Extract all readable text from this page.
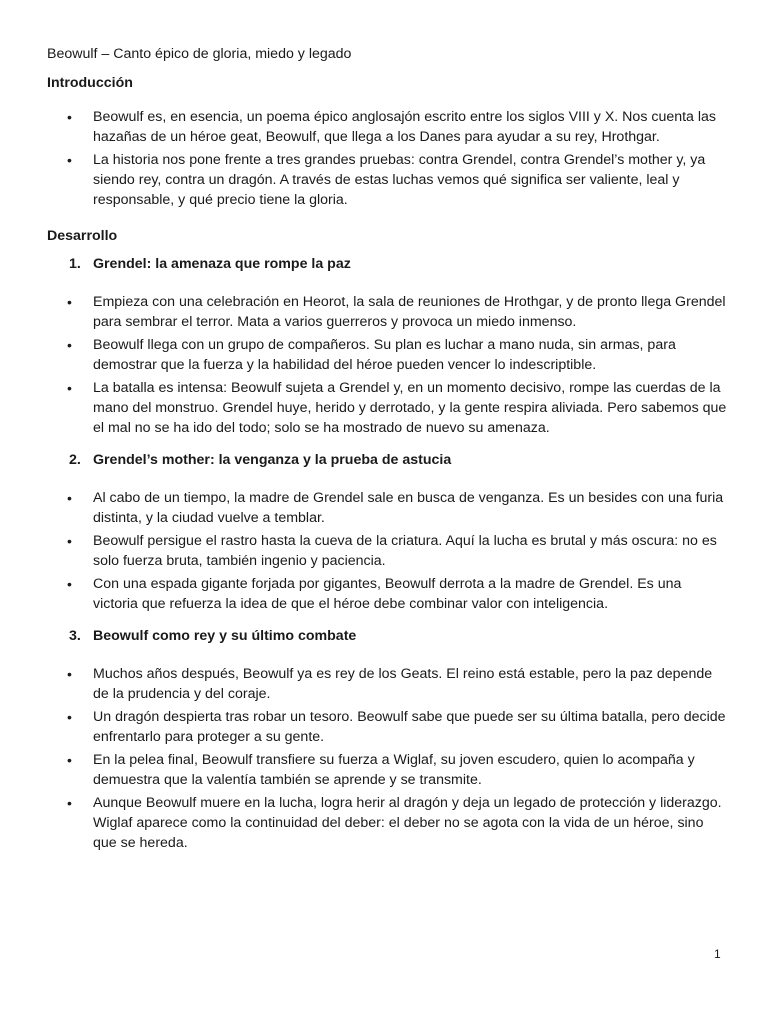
Beowulf – Canto épico de gloria, miedo y legado
Introducción
• Beowulf es, en esencia, un poema épico anglosajón escrito entre los siglos VIII y X. Nos cuenta las hazañas de un héroe geat, Beowulf, que llega a los Danes para ayudar a su rey, Hrothgar.
• La historia nos pone frente a tres grandes pruebas: contra Grendel, contra Grendel’s mother y, ya siendo rey, contra un dragón. A través de estas luchas vemos qué significa ser valiente, leal y responsable, y qué precio tiene la gloria.
Desarrollo
1. Grendel: la amenaza que rompe la paz
• Empieza con una celebración en Heorot, la sala de reuniones de Hrothgar, y de pronto llega Grendel para sembrar el terror. Mata a varios guerreros y provoca un miedo inmenso.
• Beowulf llega con un grupo de compañeros. Su plan es luchar a mano nuda, sin armas, para demostrar que la fuerza y la habilidad del héroe pueden vencer lo indescriptible.
• La batalla es intensa: Beowulf sujeta a Grendel y, en un momento decisivo, rompe las cuerdas de la mano del monstruo. Grendel huye, herido y derrotado, y la gente respira aliviada. Pero sabemos que el mal no se ha ido del todo; solo se ha mostrado de nuevo su amenaza.
2. Grendel’s mother: la venganza y la prueba de astucia
• Al cabo de un tiempo, la madre de Grendel sale en busca de venganza. Es un besides con una furia distinta, y la ciudad vuelve a temblar.
• Beowulf persigue el rastro hasta la cueva de la criatura. Aquí la lucha es brutal y más oscura: no es solo fuerza bruta, también ingenio y paciencia.
• Con una espada gigante forjada por gigantes, Beowulf derrota a la madre de Grendel. Es una victoria que refuerza la idea de que el héroe debe combinar valor con inteligencia.
3. Beowulf como rey y su último combate
• Muchos años después, Beowulf ya es rey de los Geats. El reino está estable, pero la paz depende de la prudencia y del coraje.
• Un dragón despierta tras robar un tesoro. Beowulf sabe que puede ser su última batalla, pero decide enfrentarlo para proteger a su gente.
• En la pelea final, Beowulf transfiere su fuerza a Wiglaf, su joven escudero, quien lo acompaña y demuestra que la valentía también se aprende y se transmite.
• Aunque Beowulf muere en la lucha, logra herir al dragón y deja un legado de protección y liderazgo. Wiglaf aparece como la continuidad del deber: el deber no se agota con la vida de un héroe, sino que se hereda.
1
